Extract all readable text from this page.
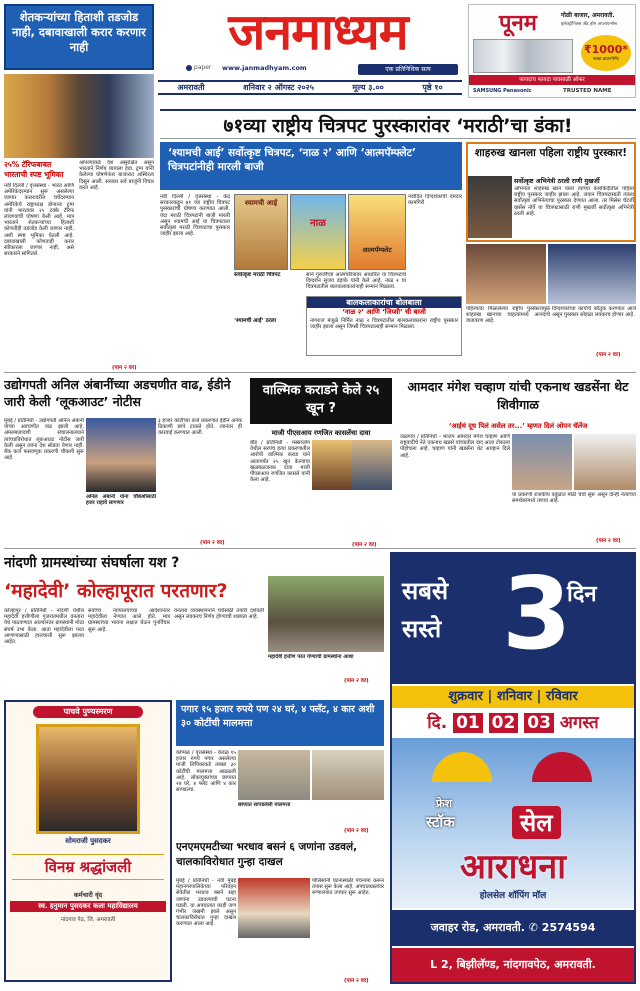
शेतकऱ्यांच्या हिताशी तडजोड नाही, दबावाखाली करार करणार नाही	जनमाध्यम
paper	www.janmadhyam.com	एक प्रतिनिधिक सत्य
अमरावती	शनिवार २ ऑगस्ट २०२५	मूल्य ३.००	पृष्ठे १०
पूनम	गोळी बाजार, अमरावती.
इलेक्ट्रॉनिक्स अँड होम अप्लायन्सेस
₹1000*
फक्त डाउनपेमेंट
फायदाच फायदा पावसाळी ऑफर
SAMSUNG Panasonic	TRUSTED NAME
२५% टॅरिफबाबत भारताची स्पष्ट भूमिका
नवी दिल्ली / वृत्तसंस्था - भारत आणि अमेरिकेदरम्यान सुरू असलेल्या व्यापार करारावरील चर्चेदरम्यान अमेरिकेचे राष्ट्राध्यक्ष डोनाल्ड ट्रम्प यांनी भारतावर २५ टक्के टॅरिफ लावण्याची घोषणा केली आहे. मात्र भारताने शेतकऱ्यांच्या हिताशी कोणतीही तडजोड केली जाणार नाही, अशी स्पष्ट भूमिका घेतली आहे. दबावाखाली कोणताही करार स्वीकारला जाणार नाही, असे सरकारने सांगितले.
आपल्याकडे देश असुरक्षित असून भारताने निर्णय घ्यायला हवा. ट्रम्प यांनी केलेल्या घोषणेनंतर बाजारात अस्थिरता दिसून आली. सरकार सर्व बाजूंनी विचार करत आहे.
(पान २ वर)
७१व्या राष्ट्रीय चित्रपट पुरस्कारांवर ‘मराठी’चा डंका!
‘श्यामची आई’ सर्वोत्कृष्ट चित्रपट, ‘नाळ २’ आणि ‘आत्मपॅम्फ्लेट’ चित्रपटांनीही मारली बाजी
नवी दिल्ली / वृत्तसंस्था - केंद्र सरकारकडून ७१ व्या राष्ट्रीय चित्रपट पुरस्कारांची घोषणा करण्यात आली. यंदा मराठी चित्रपटांनी बाजी मारली असून श्यामची आई या चित्रपटाला सर्वोत्कृष्ट मराठी चित्रपटाचा पुरस्कार जाहीर झाला आहे.
श्यामची आई
नाळ
आत्मपॅम्फ्लेट
सर्वोत्कृष्ट मराठी चित्रपट	साने गुरुजींच्या आत्मचरित्रावर आधारित या चित्रपटाचे दिग्दर्शन सुजय डहाके यांनी केले आहे. नाळ २ या चित्रपटातील बालकलाकारांनाही सन्मान मिळाला.
‘श्यामची आई’ ठरला
नवोदित दिग्दर्शकाची दमदार कामगिरी
बालकलाकारांचा बोलबाला
‘नाळ २’ आणि ‘जिप्सी’ ची बाजी
नागराज मंजुळे निर्मित नाळ २ चित्रपटातील बालकलाकारांना राष्ट्रीय पुरस्कार जाहीर झाला असून जिप्सी चित्रपटालाही सन्मान मिळाला.
शाहरुख खानला पहिला राष्ट्रीय पुरस्कार!
सर्वोत्कृष्ट अभिनेत्री ठरली राणी मुखर्जी
अभिनेता शाहरुख खान याला त्याच्या कारकिर्दीतील पहिला राष्ट्रीय पुरस्कार जाहीर झाला आहे. जवान चित्रपटासाठी त्याला सर्वोत्कृष्ट अभिनेत्याचा पुरस्कार देण्यात आला. तर मिसेस चॅटर्जी व्हर्सेस नॉर्वे या चित्रपटासाठी राणी मुखर्जी सर्वोत्कृष्ट अभिनेत्री ठरली आहे.
पहिल्यांदा मिळालेल्या राष्ट्रीय पुरस्कारामुळे शाहरुख खानच्या चाहत्यांमध्ये आनंदाचे वातावरण आहे.
दिग्दर्शकांच्या कार्याचे कौतुक करण्यात आले असून पुरस्कार सोहळा लवकरच होणार आहे.
(पान २ वर)
उद्योगपती अनिल अंबानींच्या अडचणीत वाढ, ईडीने जारी केली ‘लूकआउट’ नोटीस
मुंबई / प्रतिनिधी - उद्योगपती अनिल अंबानी यांच्या अडचणीत वाढ झाली आहे. अंमलबजावणी संचालनालयाने त्यांच्याविरोधात लूकआउट नोटीस जारी केली असून त्यांना देश सोडता येणार नाही. बँक कर्ज फसवणूक प्रकरणी चौकशी सुरू आहे.
अनिल अंबानी यांना चौकशीसाठी हजर राहावे लागणार
३ हजार कोटींच्या कर्ज प्रकरणात ईडीने अनेक ठिकाणी छापे टाकले होते. त्यानंतर ही कारवाई करण्यात आली.
(पान २ वर)
वाल्मिक कराडने केले २५ खून ?
माजी पीएसआय रणजित कासलेंचा दावा
बीड / प्रतिनिधी - मस्साजोग येथील सरपंच हत्या प्रकरणातील आरोपी वाल्मिक कराड याने आतापर्यंत २५ खून केल्याचा खळबळजनक दावा माजी पीएसआय रणजित कासले यांनी केला आहे.
(पान २ वर)
आमदार मंगेश चव्हाण यांची एकनाथ खडसेंना थेट शिवीगाळ
‘आईचं दूध पिलं असेल तर...’ म्हणत दिलं ओपन चॅलेंज
जळगाव / प्रतिनिधी - भाजप आमदार मंगेश चव्हाण आणि राष्ट्रवादीचे नेते एकनाथ खडसे यांच्यातील वाद आता टोकाला पोहोचला आहे. चव्हाण यांनी खडसेंना थेट आव्हान दिले आहे.
या प्रकरणी राजकीय वर्तुळात मोठी चर्चा सुरू असून दोन्ही नेत्यांच्या समर्थकांमध्ये तणाव आहे.
(पान २ वर)
नांदणी ग्रामस्थांच्या संघर्षाला यश ?
‘महादेवी’ कोल्हापूरात परतणार?
कोल्हापूर / प्रतिनिधी - नांदणी येथील महादेवी हत्तीणीला गुजरातमधील वनतारा येथे पाठवण्यात आल्यानंतर ग्रामस्थांनी मोठा संघर्ष उभा केला. आता महादेवीला परत आणण्यासाठी हालचाली सुरू झाल्या आहेत.
सर्वोच्च न्यायालयाच्या आदेशानंतर महादेवीला नेण्यात आले होते. मात्र ग्रामस्थांच्या भावना लक्षात घेऊन पुनर्विचार सुरू आहे.
वनतारा व्यवस्थापनाने चर्चेसाठी तयारी दर्शवली असून लवकरच निर्णय होण्याची शक्यता आहे.
महादेवी हत्तीण परत येण्याची ग्रामस्थांना आशा
(पान २ वर)
पगार १५ हजार रुपये पण २४ घरं, ४ फ्लॅट, ४ कार अशी ३० कोटींची मालमत्ता
कोप्पळ / वृत्तसंस्था - केवळ १५ हजार रुपये पगार असलेल्या माजी लिपिकाकडे तब्बल ३० कोटींची मालमत्ता आढळली आहे. लोकायुक्तांच्या छाप्यात २४ घरे, ४ फ्लॅट आणि ४ कार सापडल्या.
छाप्यात सापडलेली मालमत्ता
(पान २ वर)
पाचवे पुण्यस्मरण
सोमराजी पुसदकर
विनम्र श्रद्धांजली
कर्मचारी वृंद
स्व. हनुमान पुसदकर कला महाविद्यालय
नांदगाव पेठ, जि. अमरावती
एनएमएमटीच्या भरधाव बसनं ६ जणांना उडवलं, चालकाविरोधात गुन्हा दाखल
मुंबई / प्रतिनिधी - नवी मुंबई महानगरपालिकेच्या परिवहन सेवेतील भरधाव बसने सहा जणांना उडवल्याची घटना घडली. या अपघातात काही जण गंभीर जखमी झाले असून चालकाविरोधात गुन्हा दाखल करण्यात आला आहे.
पोलिसांनी घटनास्थळी पंचनामा करून तपास सुरू केला आहे. अपघातग्रस्तांवर रुग्णालयात उपचार सुरू आहेत.
(पान २ वर)
सबसे
सस्ते 3
दिन
शुक्रवार | शनिवार | रविवार
दि. 01 02 03 अगस्त
फ्रेश
स्टॉक	सेल
आराधना
होलसेल शॉपिंग मॉल
जवाहर रोड, अमरावती. ✆ 2574594
L 2, बिझीलॅण्ड, नांदगावपेठ, अमरावती.
